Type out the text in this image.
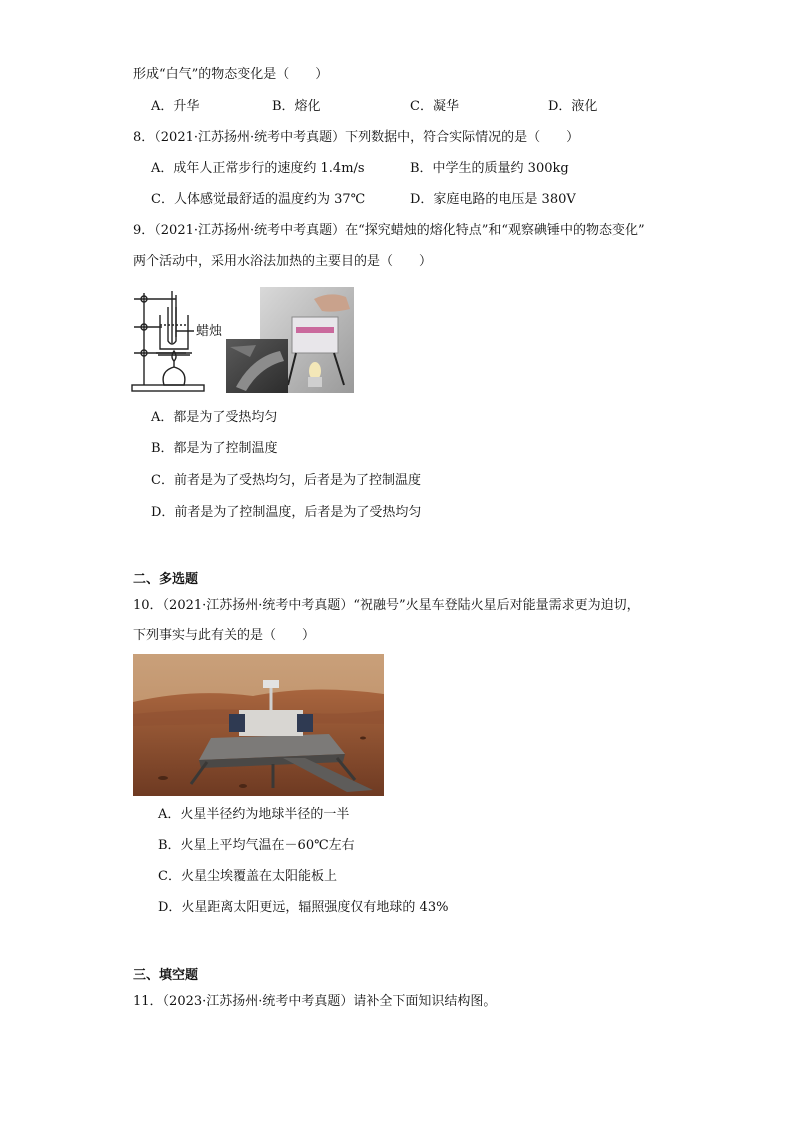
形成“白气”的物态变化是（　　）
A．升华	B．熔化	C．凝华	D．液化
8．（2021·江苏扬州·统考中考真题）下列数据中，符合实际情况的是（　　）
A．成年人正常步行的速度约 1.4m/s	B．中学生的质量约 300kg
C．人体感觉最舒适的温度约为 37℃	D．家庭电路的电压是 380V
9．（2021·江苏扬州·统考中考真题）在“探究蜡烛的熔化特点”和“观察碘锤中的物态变化”
两个活动中，采用水浴法加热的主要目的是（　　）
蜡烛
A．都是为了受热均匀
B．都是为了控制温度
C．前者是为了受热均匀，后者是为了控制温度
D．前者是为了控制温度，后者是为了受热均匀
二、多选题
10．（2021·江苏扬州·统考中考真题）“祝融号”火星车登陆火星后对能量需求更为迫切，
下列事实与此有关的是（　　）
A．火星半径约为地球半径的一半
B．火星上平均气温在－60℃左右
C．火星尘埃覆盖在太阳能板上
D．火星距离太阳更远，辐照强度仅有地球的 43%
三、填空题
11．（2023·江苏扬州·统考中考真题）请补全下面知识结构图。
